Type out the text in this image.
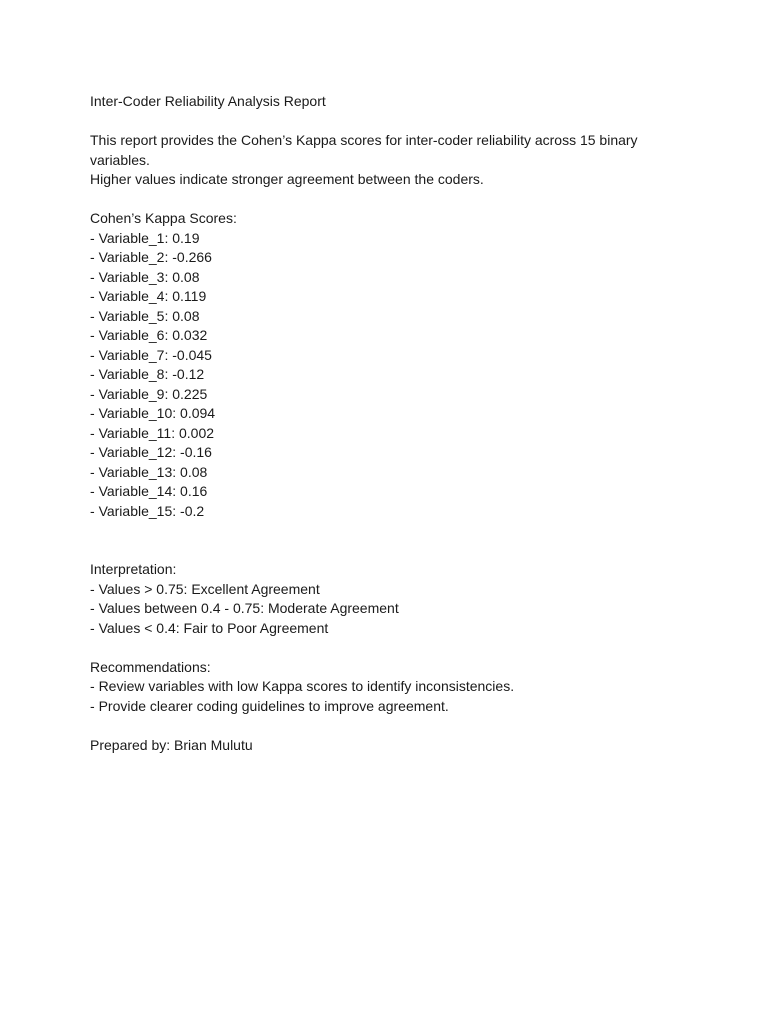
Inter-Coder Reliability Analysis Report
This report provides the Cohen’s Kappa scores for inter-coder reliability across 15 binary variables.
Higher values indicate stronger agreement between the coders.
Cohen’s Kappa Scores:
- Variable_1: 0.19
- Variable_2: -0.266
- Variable_3: 0.08
- Variable_4: 0.119
- Variable_5: 0.08
- Variable_6: 0.032
- Variable_7: -0.045
- Variable_8: -0.12
- Variable_9: 0.225
- Variable_10: 0.094
- Variable_11: 0.002
- Variable_12: -0.16
- Variable_13: 0.08
- Variable_14: 0.16
- Variable_15: -0.2
Interpretation:
- Values > 0.75: Excellent Agreement
- Values between 0.4 - 0.75: Moderate Agreement
- Values < 0.4: Fair to Poor Agreement
Recommendations:
- Review variables with low Kappa scores to identify inconsistencies.
- Provide clearer coding guidelines to improve agreement.
Prepared by: Brian Mulutu
